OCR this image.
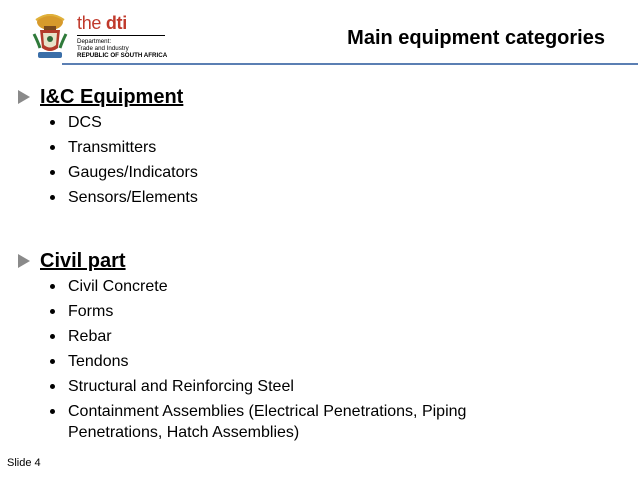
the dti
Department:
Trade and Industry
REPUBLIC OF SOUTH AFRICA
Main equipment categories
I&C Equipment
DCS
Transmitters
Gauges/Indicators
Sensors/Elements
Civil part
Civil Concrete
Forms
Rebar
Tendons
Structural and Reinforcing Steel
Containment Assemblies (Electrical Penetrations, Piping Penetrations, Hatch Assemblies)
Slide 4
